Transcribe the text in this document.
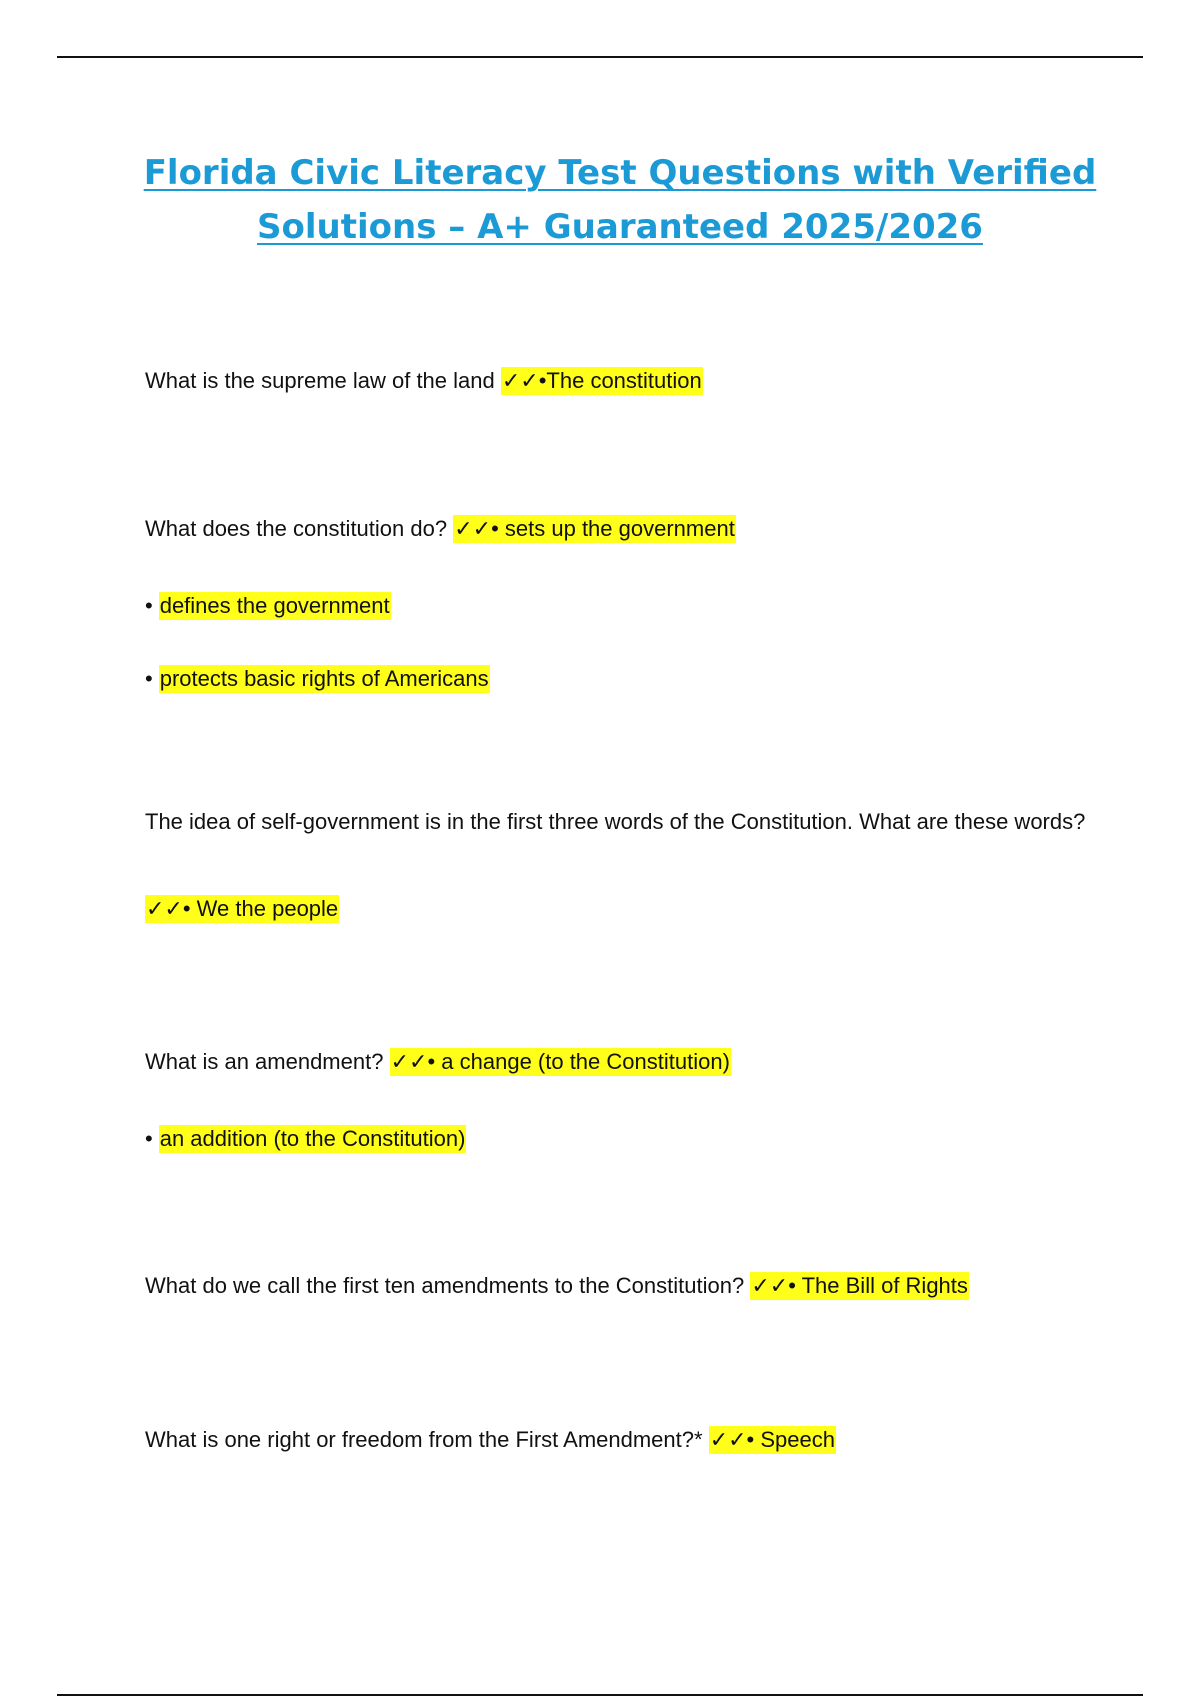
Florida Civic Literacy Test Questions with Verified
Solutions – A+ Guaranteed 2025/2026
What is the supreme law of the land ✓✓•The constitution
What does the constitution do? ✓✓• sets up the government
• defines the government
• protects basic rights of Americans
The idea of self-government is in the first three words of the Constitution. What are these words?
✓✓• We the people
What is an amendment? ✓✓• a change (to the Constitution)
• an addition (to the Constitution)
What do we call the first ten amendments to the Constitution? ✓✓• The Bill of Rights
What is one right or freedom from the First Amendment?* ✓✓• Speech
